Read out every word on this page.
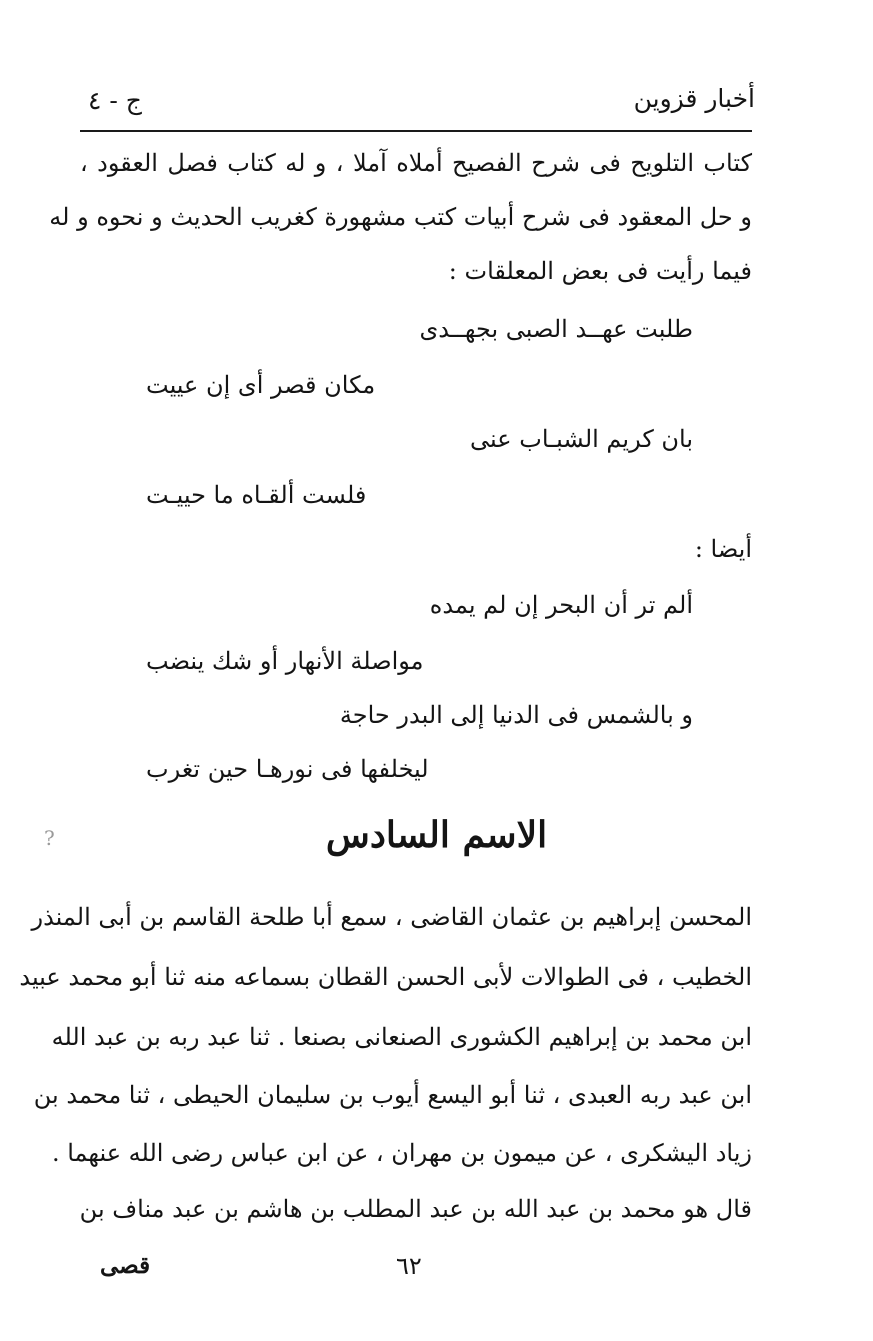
أخبار قزوين
ج - ٤
كتاب التلويح فى شرح الفصيح أملاه آملا ، و له كتاب فصل العقود ،
و حل المعقود فى شرح أبيات كتب مشهورة كغريب الحديث و نحوه و له
فيما رأيت فى بعض المعلقات :
طلبت عهــد الصبى بجهــدى
مكان قصر أى إن عييت
بان كريم الشبـاب عنى
فلست ألقـاه ما حييـت
أيضا :
ألم تر أن البحر إن لم يمده
مواصلة الأنهار أو شك ينضب
و بالشمس فى الدنيا إلى البدر حاجة
ليخلفها فى نورهـا حين تغرب
?	الاسم السادس
المحسن إبراهيم بن عثمان القاضى ، سمع أبا طلحة القاسم بن أبى المنذر
الخطيب ، فى الطوالات لأبى الحسن القطان بسماعه منه ثنا أبو محمد عبيد
ابن محمد بن إبراهيم الكشورى الصنعانى بصنعا . ثنا عبد ربه بن عبد الله
ابن عبد ربه العبدى ، ثنا أبو اليسع أيوب بن سليمان الحيطى ، ثنا محمد بن
زياد اليشكرى ، عن ميمون بن مهران ، عن ابن عباس رضى الله عنهما .
قال هو محمد بن عبد الله بن عبد المطلب بن هاشم بن عبد مناف بن
٦٢
قصى
